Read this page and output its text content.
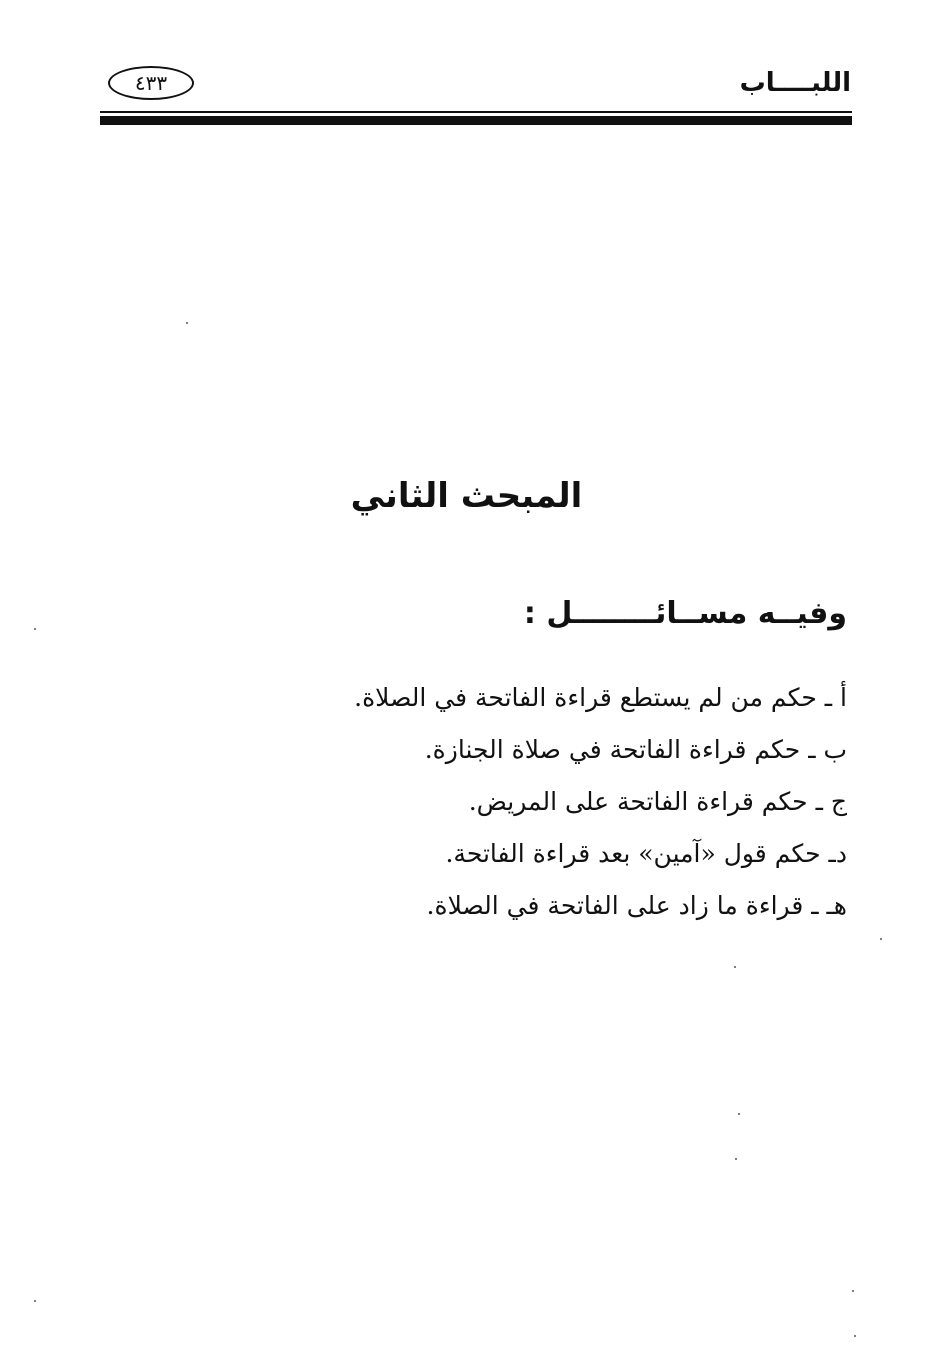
اللبــــاب
٤٣٣
المبحث الثاني
وفيــه مســائــــــــل :
أ ـ حكم من لم يستطع قراءة الفاتحة في الصلاة.
ب ـ حكم قراءة الفاتحة في صلاة الجنازة.
ج ـ حكم قراءة الفاتحة على المريض.
دـ حكم قول «آمين» بعد قراءة الفاتحة.
هـ ـ قراءة ما زاد على الفاتحة في الصلاة.
